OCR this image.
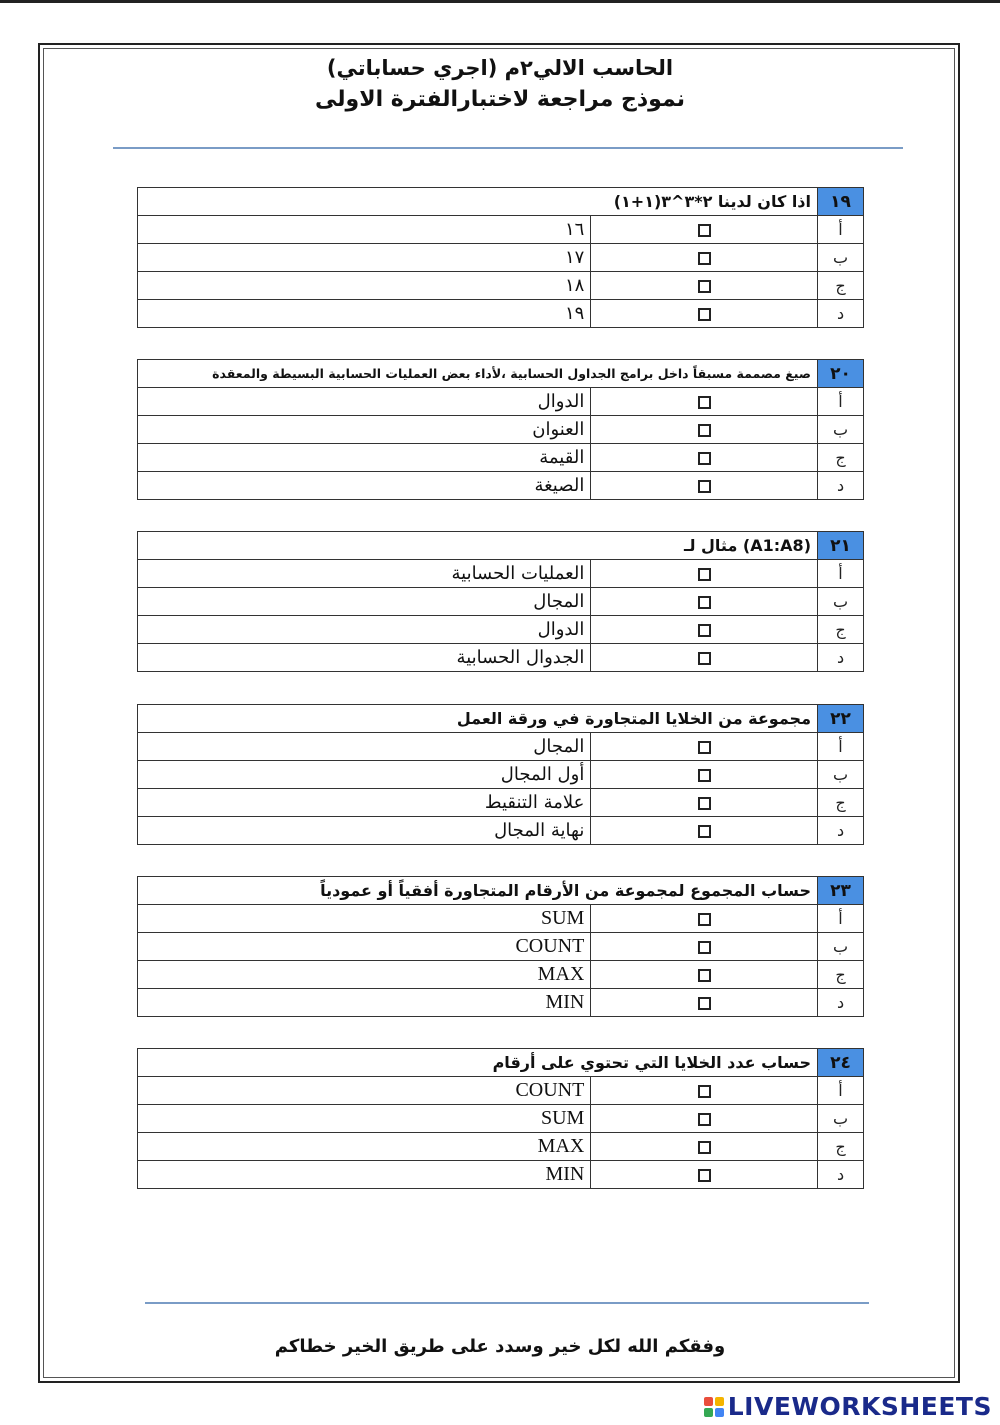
الحاسب الالي٢م (اجري حساباتي)
نموذج مراجعة لاختبارالفترة الاولى
١٩	اذا كان لدينا ٢*٣^٣(١+١)		
أ		١٦	
ب		١٧	
ج		١٨	
د		١٩	
٢٠	صيغ مصممة مسبقاً داخل برامج الجداول الحسابية ،لأداء بعض العمليات الحسابية البسيطة والمعقدة		
أ		الدوال	
ب		العنوان	
ج		القيمة	
د		الصيغة	
٢١	(A1:A8) مثال لـ		
أ		العمليات الحسابية	
ب		المجال	
ج		الدوال	
د		الجدوال الحسابية	
٢٢	مجموعة من الخلايا المتجاورة في ورقة العمل		
أ		المجال	
ب		أول المجال	
ج		علامة التنقيط	
د		نهاية المجال	
٢٣	حساب المجموع لمجموعة من الأرقام المتجاورة أفقياً أو عمودياً		
أ		SUM	
ب		COUNT	
ج		MAX	
د		MIN	
٢٤	حساب عدد الخلايا التي تحتوي على أرقام		
أ		COUNT	
ب		SUM	
ج		MAX	
د		MIN	
وفقكم الله لكل خير وسدد على طريق الخير خطاكم
LIVEWORKSHEETS
